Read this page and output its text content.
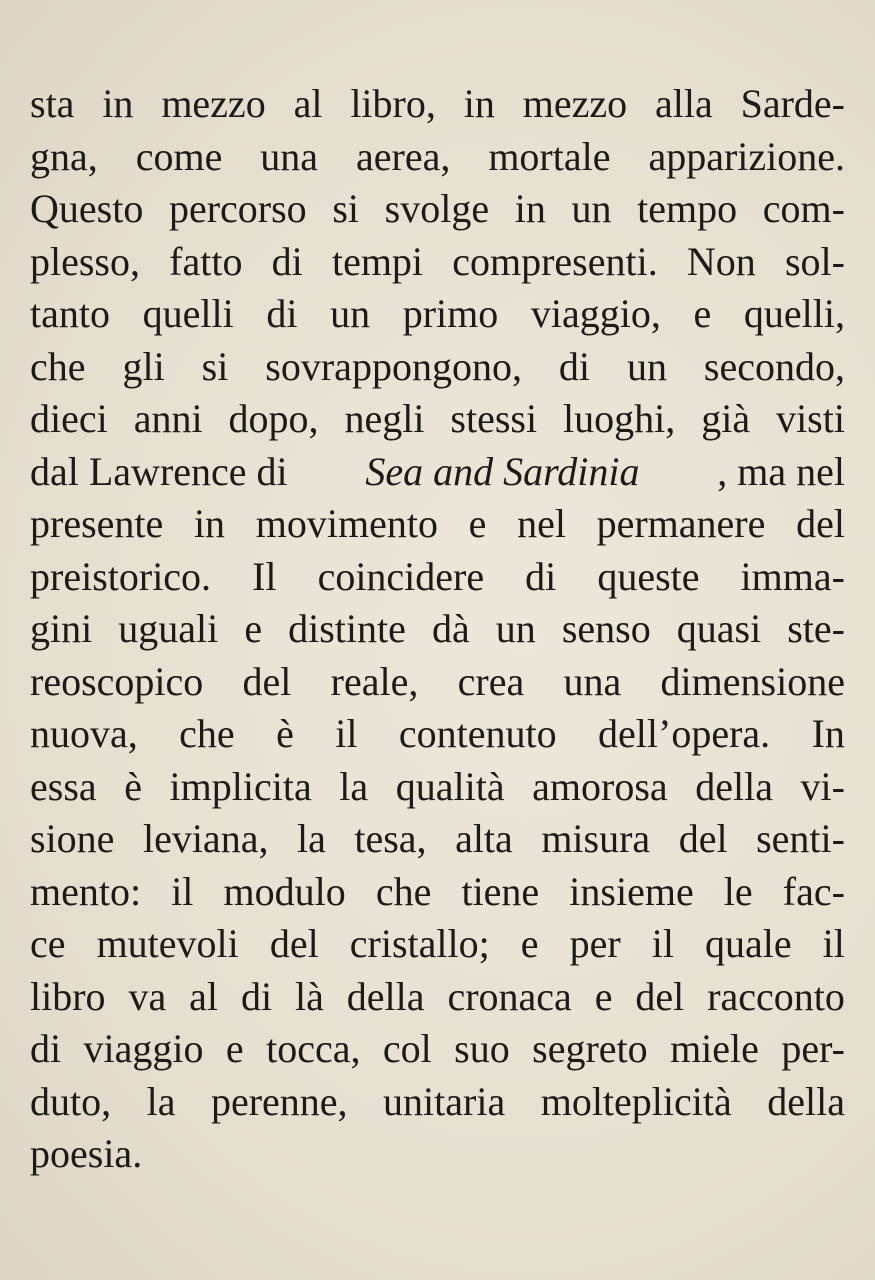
sta in mezzo al libro, in mezzo alla Sarde-
gna, come una aerea, mortale apparizione.
Questo percorso si svolge in un tempo com-
plesso, fatto di tempi compresenti. Non sol-
tanto quelli di un primo viaggio, e quelli,
che gli si sovrappongono, di un secondo,
dieci anni dopo, negli stessi luoghi, già visti
dal Lawrence di Sea and Sardinia , ma nel
presente in movimento e nel permanere del
preistorico. Il coincidere di queste imma-
gini uguali e distinte dà un senso quasi ste-
reoscopico del reale, crea una dimensione
nuova, che è il contenuto dell’opera. In
essa è implicita la qualità amorosa della vi-
sione leviana, la tesa, alta misura del senti-
mento: il modulo che tiene insieme le fac-
ce mutevoli del cristallo; e per il quale il
libro va al di là della cronaca e del racconto
di viaggio e tocca, col suo segreto miele per-
duto, la perenne, unitaria molteplicità della
poesia.
